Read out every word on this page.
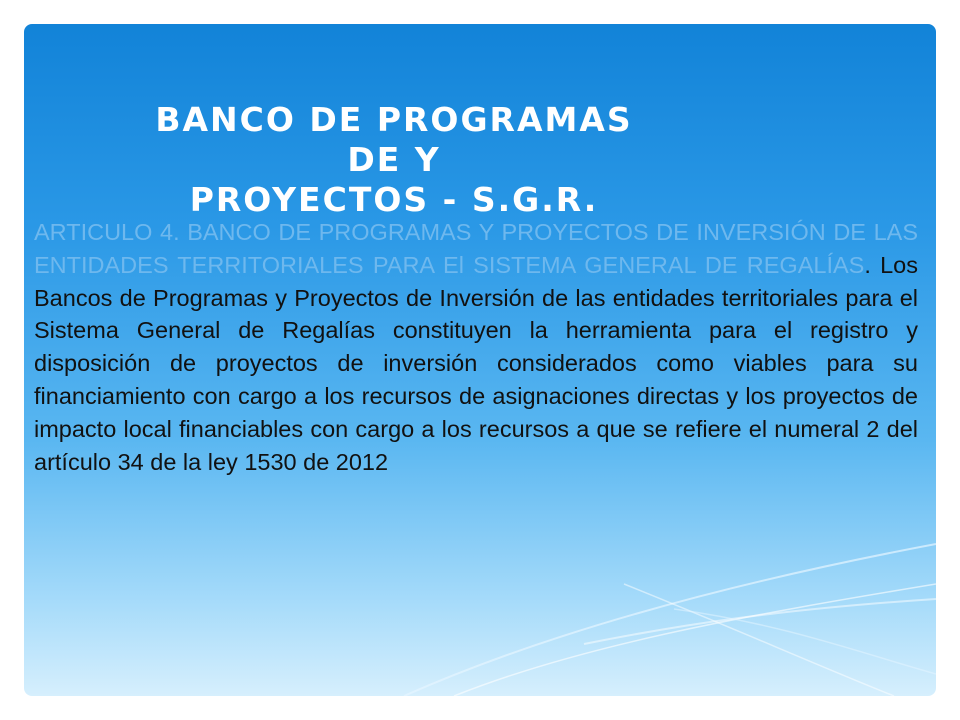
BANCO DE PROGRAMAS DE Y
PROYECTOS - S.G.R.
ARTICULO 4. BANCO DE PROGRAMAS Y PROYECTOS DE INVERSIÓN DE LAS ENTIDADES TERRITORIALES PARA El SISTEMA GENERAL DE REGALÍAS. Los Bancos de Programas y Proyectos de Inversión de las entidades territoriales para el Sistema General de Regalías constituyen la herramienta para el registro y disposición de proyectos de inversión considerados como viables para su financiamiento con cargo a los recursos de asignaciones directas y los proyectos de impacto local financiables con cargo a los recursos a que se refiere el numeral 2 del artículo 34 de la ley 1530 de 2012
